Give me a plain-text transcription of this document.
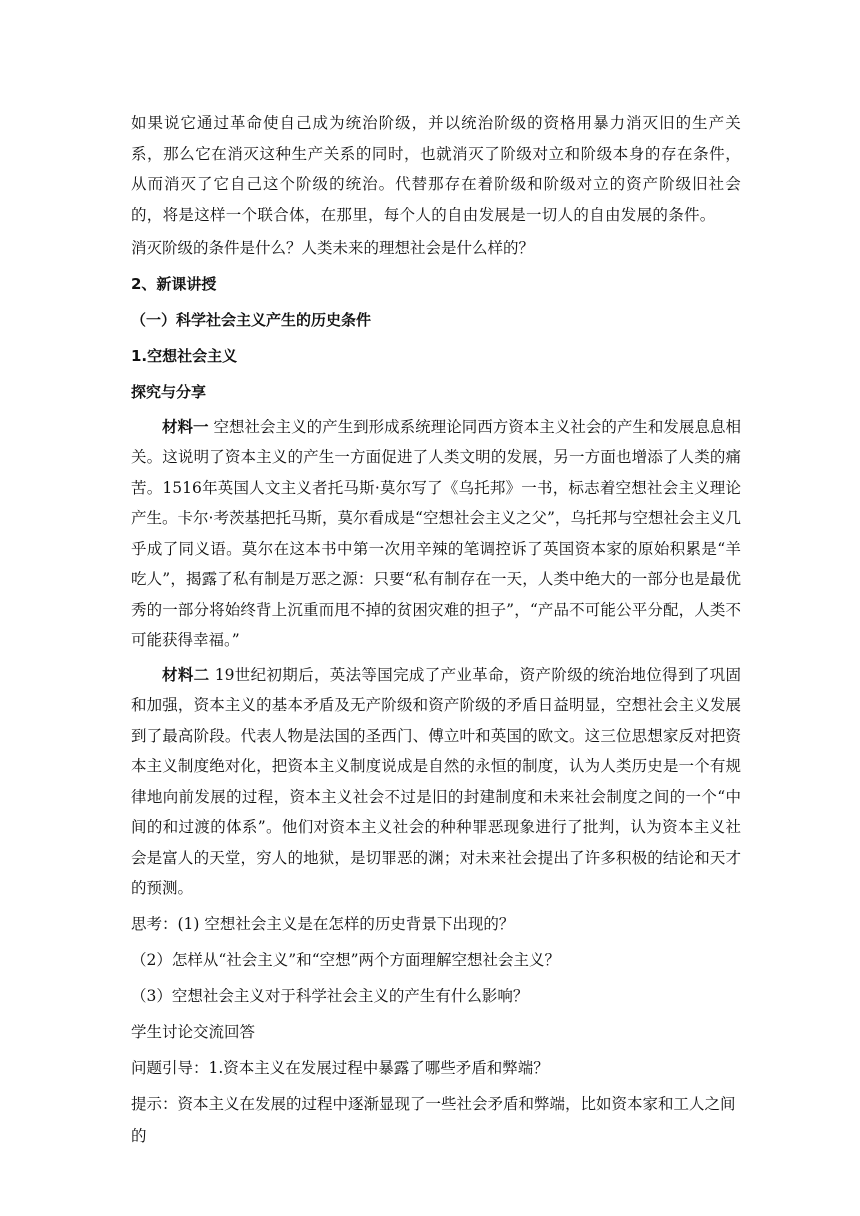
如果说它通过革命使自己成为统治阶级，并以统治阶级的资格用暴力消灭旧的生产关系，那么它在消灭这种生产关系的同时，也就消灭了阶级对立和阶级本身的存在条件，从而消灭了它自己这个阶级的统治。代替那存在着阶级和阶级对立的资产阶级旧社会的，将是这样一个联合体，在那里，每个人的自由发展是一切人的自由发展的条件。

消灭阶级的条件是什么？人类未来的理想社会是什么样的？

2、新课讲授

（一）科学社会主义产生的历史条件

1.空想社会主义

探究与分享

材料一 空想社会主义的产生到形成系统理论同西方资本主义社会的产生和发展息息相关。这说明了资本主义的产生一方面促进了人类文明的发展，另一方面也增添了人类的痛苦。1516年英国人文主义者托马斯·莫尔写了《乌托邦》一书，标志着空想社会主义理论产生。卡尔·考茨基把托马斯，莫尔看成是“空想社会主义之父”，乌托邦与空想社会主义几乎成了同义语。莫尔在这本书中第一次用辛辣的笔调控诉了英国资本家的原始积累是“羊吃人”，揭露了私有制是万恶之源：只要“私有制存在一天，人类中绝大的一部分也是最优秀的一部分将始终背上沉重而甩不掉的贫困灾难的担子”，“产品不可能公平分配，人类不可能获得幸福。”

材料二 19世纪初期后，英法等国完成了产业革命，资产阶级的统治地位得到了巩固和加强，资本主义的基本矛盾及无产阶级和资产阶级的矛盾日益明显，空想社会主义发展到了最高阶段。代表人物是法国的圣西门、傅立叶和英国的欧文。这三位思想家反对把资本主义制度绝对化，把资本主义制度说成是自然的永恒的制度，认为人类历史是一个有规律地向前发展的过程，资本主义社会不过是旧的封建制度和未来社会制度之间的一个“中间的和过渡的体系”。他们对资本主义社会的种种罪恶现象进行了批判，认为资本主义社会是富人的天堂，穷人的地狱，是切罪恶的渊；对未来社会提出了许多积极的结论和天才的预测。

思考：(1) 空想社会主义是在怎样的历史背景下出现的？

（2）怎样从“社会主义”和“空想”两个方面理解空想社会主义？

（3）空想社会主义对于科学社会主义的产生有什么影响？

学生讨论交流回答

问题引导：1.资本主义在发展过程中暴露了哪些矛盾和弊端？

提示：资本主义在发展的过程中逐渐显现了一些社会矛盾和弊端，比如资本家和工人之间的
